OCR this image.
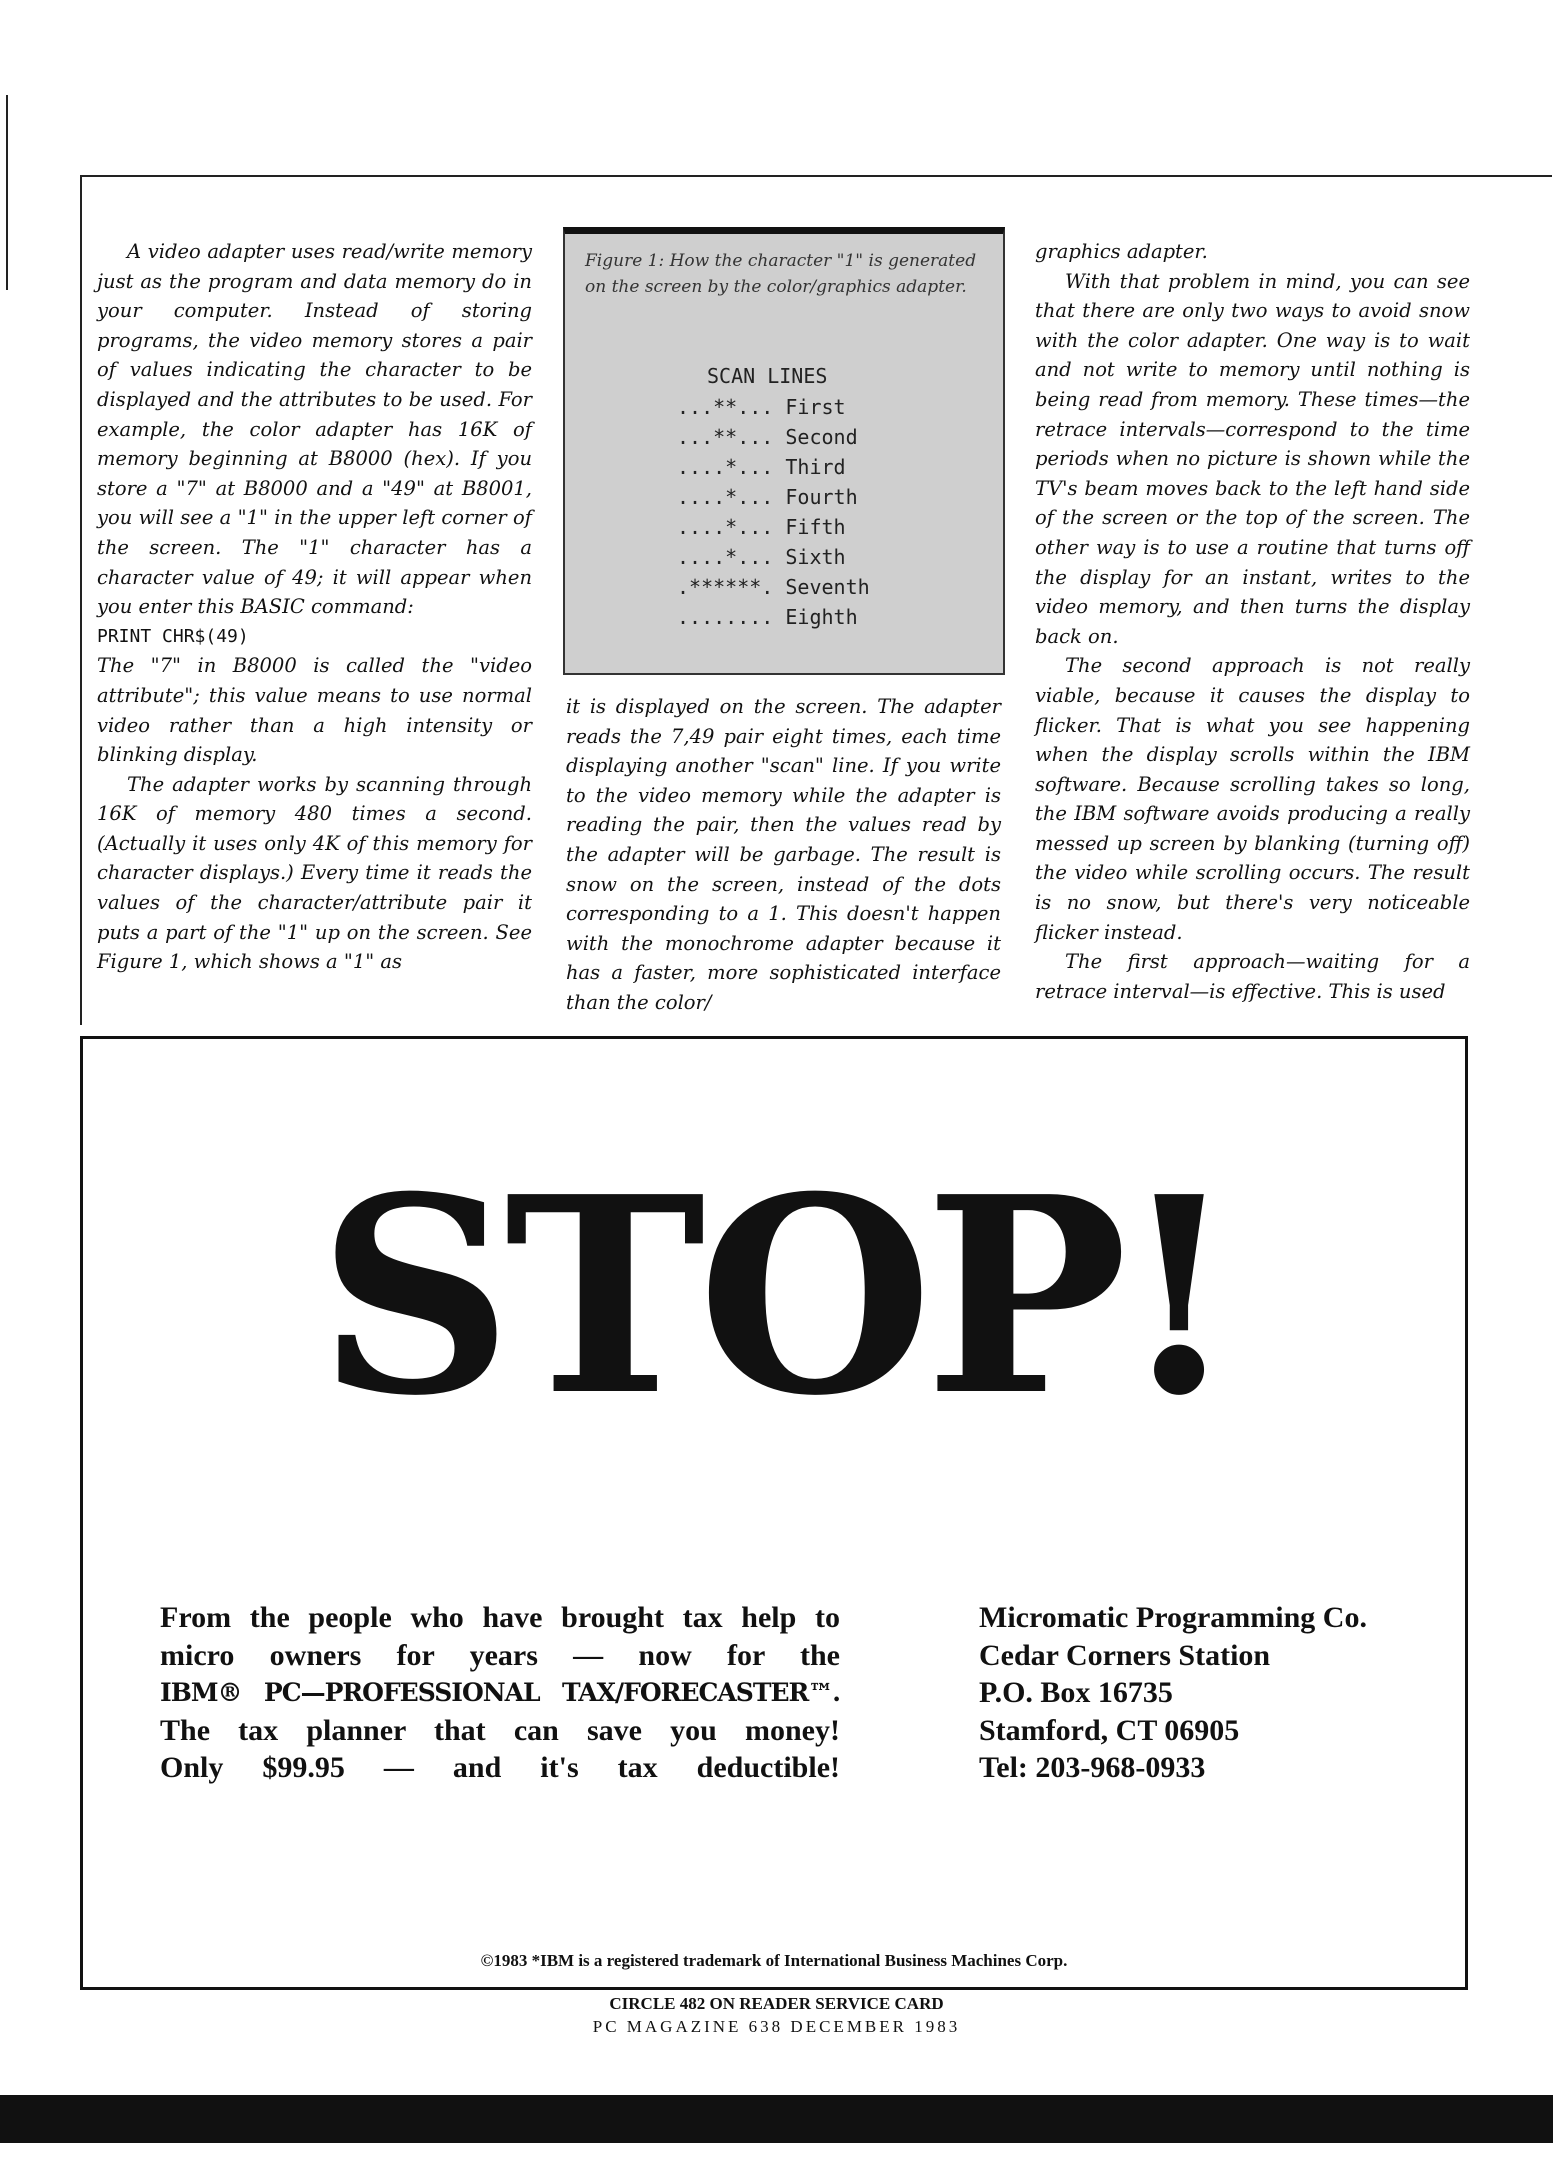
A video adapter uses read/write memory just as the program and data memory do in your computer. Instead of storing programs, the video memory stores a pair of values indicating the character to be displayed and the attributes to be used. For example, the color adapter has 16K of memory beginning at B8000 (hex). If you store a "7" at B8000 and a "49" at B8001, you will see a "1" in the upper left corner of the screen. The "1" character has a character value of 49; it will appear when you enter this BASIC command:

PRINT CHR$(49)

The "7" in B8000 is called the "video attribute"; this value means to use normal video rather than a high intensity or blinking display.

The adapter works by scanning through 16K of memory 480 times a second. (Actually it uses only 4K of this memory for character displays.) Every time it reads the values of the character/attribute pair it puts a part of the "1" up on the screen. See Figure 1, which shows a "1" as

Figure 1: How the character "1" is generated on the screen by the color/graphics adapter.
SCAN LINES
...**... First
...**... Second
....*... Third
....*... Fourth
....*... Fifth
....*... Sixth
.******. Seventh
........ Eighth

it is displayed on the screen. The adapter reads the 7,49 pair eight times, each time displaying another "scan" line. If you write to the video memory while the adapter is reading the pair, then the values read by the adapter will be garbage. The result is snow on the screen, instead of the dots corresponding to a 1. This doesn't happen with the monochrome adapter because it has a faster, more sophisticated interface than the color/

graphics adapter.

With that problem in mind, you can see that there are only two ways to avoid snow with the color adapter. One way is to wait and not write to memory until nothing is being read from memory. These times—the retrace intervals—correspond to the time periods when no picture is shown while the TV's beam moves back to the left hand side of the screen or the top of the screen. The other way is to use a routine that turns off the display for an instant, writes to the video memory, and then turns the display back on.

The second approach is not really viable, because it causes the display to flicker. That is what you see happening when the display scrolls within the IBM software. Because scrolling takes so long, the IBM software avoids producing a really messed up screen by blanking (turning off) the video while scrolling occurs. The result is no snow, but there's very noticeable flicker instead.

The first approach—waiting for a retrace interval—is effective. This is used

STOP!
From the people who have brought tax help to
micro owners for years — now for the
IBM® PC—PROFESSIONAL TAX/FORECASTER™.
The tax planner that can save you money!
Only $99.95 — and it's tax deductible!
Micromatic Programming Co.
Cedar Corners Station
P.O. Box 16735
Stamford, CT 06905
Tel: 203-968-0933
©1983 *IBM is a registered trademark of International Business Machines Corp.
CIRCLE 482 ON READER SERVICE CARD
PC MAGAZINE 638 DECEMBER 1983
